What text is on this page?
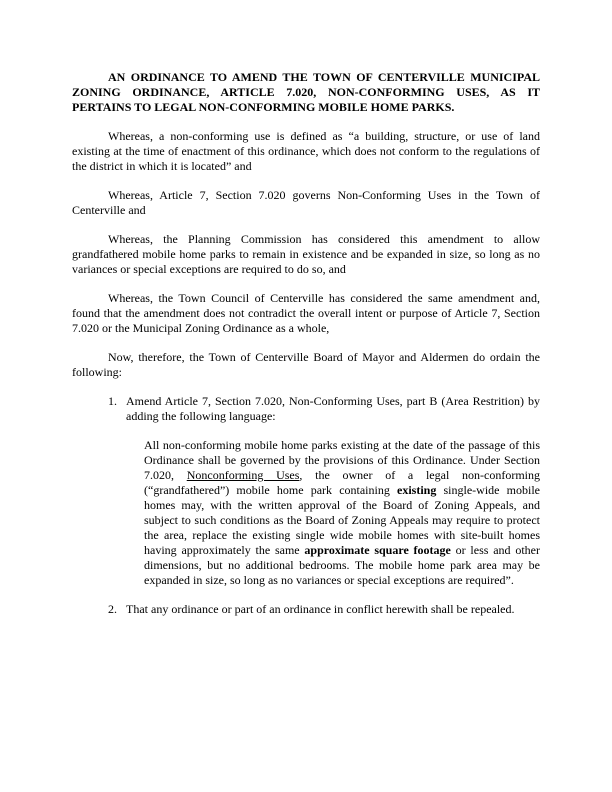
AN ORDINANCE TO AMEND THE TOWN OF CENTERVILLE MUNICIPAL ZONING ORDINANCE, ARTICLE 7.020, NON-CONFORMING USES, AS IT PERTAINS TO LEGAL NON-CONFORMING MOBILE HOME PARKS.

Whereas, a non-conforming use is defined as “a building, structure, or use of land existing at the time of enactment of this ordinance, which does not conform to the regulations of the district in which it is located” and

Whereas, Article 7, Section 7.020 governs Non-Conforming Uses in the Town of Centerville and

Whereas, the Planning Commission has considered this amendment to allow grandfathered mobile home parks to remain in existence and be expanded in size, so long as no variances or special exceptions are required to do so, and

Whereas, the Town Council of Centerville has considered the same amendment and, found that the amendment does not contradict the overall intent or purpose of Article 7, Section 7.020 or the Municipal Zoning Ordinance as a whole,

Now, therefore, the Town of Centerville Board of Mayor and Aldermen do ordain the following:

1. Amend Article 7, Section 7.020, Non-Conforming Uses, part B (Area Restrition) by adding the following language:
All non-conforming mobile home parks existing at the date of the passage of this Ordinance shall be governed by the provisions of this Ordinance. Under Section 7.020, Nonconforming Uses, the owner of a legal non-conforming (“grandfathered”) mobile home park containing existing single-wide mobile homes may, with the written approval of the Board of Zoning Appeals, and subject to such conditions as the Board of Zoning Appeals may require to protect the area, replace the existing single wide mobile homes with site-built homes having approximately the same approximate square footage or less and other dimensions, but no additional bedrooms. The mobile home park area may be expanded in size, so long as no variances or special exceptions are required”.
2. That any ordinance or part of an ordinance in conflict herewith shall be repealed.
